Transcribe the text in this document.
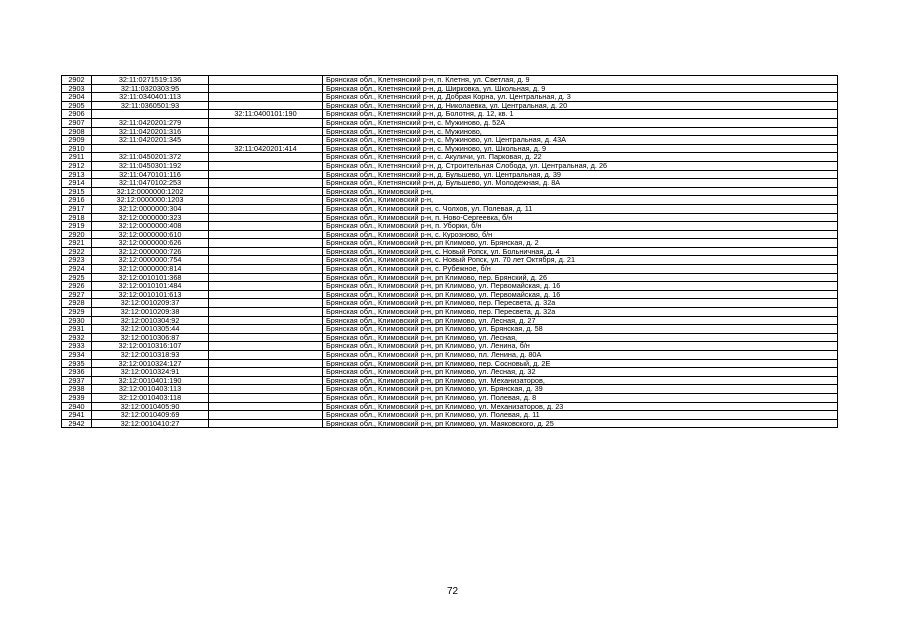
2902	32:11:0271519:136		Брянская обл., Клетнянский р-н, п. Клетня, ул. Светлая, д. 9
2903	32:11:0320303:95		Брянская обл., Клетнянский р-н, д. Ширковка, ул. Школьная, д. 9
2904	32:11:0340401:113		Брянская обл., Клетнянский р-н, д. Добрая Корна, ул. Центральная, д. 3
2905	32:11:0360501:93		Брянская обл., Клетнянский р-н, д. Николаевка, ул. Центральная, д. 20
2906		32:11:0400101:190	Брянская обл., Клетнянский р-н, д. Болотня, д. 12, кв. 1
2907	32:11:0420201:279		Брянская обл., Клетнянский р-н, с. Мужиново, д. 52А
2908	32:11:0420201:316		Брянская обл., Клетнянский р-н, с. Мужиново,
2909	32:11:0420201:345		Брянская обл., Клетнянский р-н, с. Мужиново, ул. Центральная, д. 43А
2910		32:11:0420201:414	Брянская обл., Клетнянский р-н, с. Мужиново, ул. Школьная, д. 9
2911	32:11:0450201:372		Брянская обл., Клетнянский р-н, с. Акуличи, ул. Парковая, д. 22
2912	32:11:0450301:192		Брянская обл., Клетнянский р-н, д. Строительная Слобода, ул. Центральная, д. 26
2913	32:11:0470101:116		Брянская обл., Клетнянский р-н, д. Бульшево, ул. Центральная, д. 39
2914	32:11:0470102:253		Брянская обл., Клетнянский р-н, д. Бульшево, ул. Молодежная, д. 8А
2915	32:12:0000000:1202		Брянская обл., Климовский р-н,
2916	32:12:0000000:1203		Брянская обл., Климовский р-н,
2917	32:12:0000000:304		Брянская обл., Климовский р-н, с. Чолхов, ул. Полевая, д. 11
2918	32:12:0000000:323		Брянская обл., Климовский р-н, п. Ново-Сергеевка, б/н
2919	32:12:0000000:408		Брянская обл., Климовский р-н, п. Уборки, б/н
2920	32:12:0000000:610		Брянская обл., Климовский р-н, с. Курозново, б/н
2921	32:12:0000000:626		Брянская обл., Климовский р-н, рп Климово, ул. Брянская, д. 2
2922	32:12:0000000:726		Брянская обл., Климовский р-н, с. Новый Ропск, ул. Больничная, д. 4
2923	32:12:0000000:754		Брянская обл., Климовский р-н, с. Новый Ропск, ул. 70 лет Октября, д. 21
2924	32:12:0000000:814		Брянская обл., Климовский р-н, с. Рубежное, б/н
2925	32:12:0010101:368		Брянская обл., Климовский р-н, рп Климово, пер. Брянский, д. 26
2926	32:12:0010101:484		Брянская обл., Климовский р-н, рп Климово, ул. Первомайская, д. 16
2927	32:12:0010101:613		Брянская обл., Климовский р-н, рп Климово, ул. Первомайская, д. 16
2928	32:12:0010209:37		Брянская обл., Климовский р-н, рп Климово, пер. Пересвета, д. 32а
2929	32:12:0010209:38		Брянская обл., Климовский р-н, рп Климово, пер. Пересвета, д. 32а
2930	32:12:0010304:92		Брянская обл., Климовский р-н, рп Климово, ул. Лесная, д. 27
2931	32:12:0010305:44		Брянская обл., Климовский р-н, рп Климово, ул. Брянская, д. 58
2932	32:12:0010306:87		Брянская обл., Климовский р-н, рп Климово, ул. Лесная,
2933	32:12:0010316:107		Брянская обл., Климовский р-н, рп Климово, ул. Ленина, б/н
2934	32:12:0010318:93		Брянская обл., Климовский р-н, рп Климово, пл. Ленина, д. 80А
2935	32:12:0010324:127		Брянская обл., Климовский р-н, рп Климово, пер. Сосновый, д. 2Е
2936	32:12:0010324:91		Брянская обл., Климовский р-н, рп Климово, ул. Лесная, д. 32
2937	32:12:0010401:190		Брянская обл., Климовский р-н, рп Климово, ул. Механизаторов,
2938	32:12:0010403:113		Брянская обл., Климовский р-н, рп Климово, ул. Брянская, д. 39
2939	32:12:0010403:118		Брянская обл., Климовский р-н, рп Климово, ул. Полевая, д. 8
2940	32:12:0010405:90		Брянская обл., Климовский р-н, рп Климово, ул. Механизаторов, д. 23
2941	32:12:0010409:69		Брянская обл., Климовский р-н, рп Климово, ул. Полевая, д. 11
2942	32:12:0010410:27		Брянская обл., Климовский р-н, рп Климово, ул. Маяковского, д. 25
72
